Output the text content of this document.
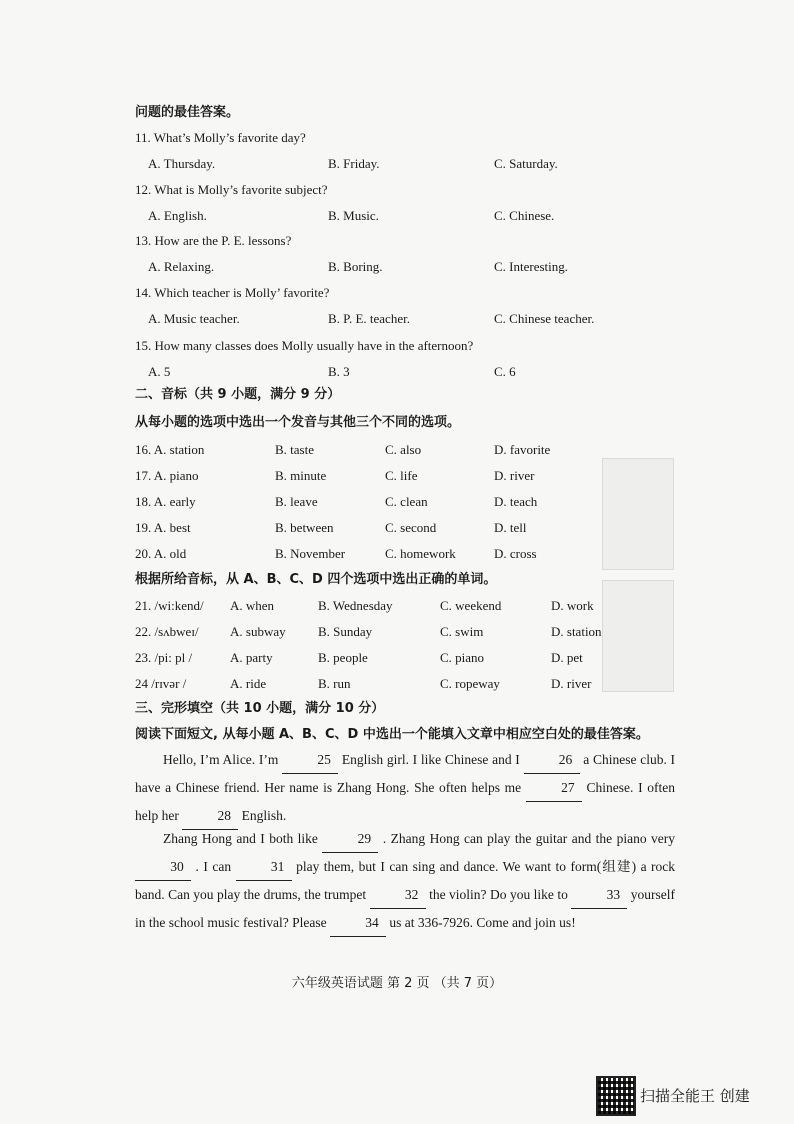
问题的最佳答案。
11. What’s Molly’s favorite day?
A. Thursday.	B. Friday.	C. Saturday.
12. What is Molly’s favorite subject?
A. English.	B. Music.	C. Chinese.
13. How are the P. E. lessons?
A. Relaxing.	B. Boring.	C. Interesting.
14. Which teacher is Molly’ favorite?
A. Music teacher.	B. P. E. teacher.	C. Chinese teacher.
15. How many classes does Molly usually have in the afternoon?
A. 5	B. 3	C. 6
二、音标（共 9 小题，满分 9 分）
从每小题的选项中选出一个发音与其他三个不同的选项。
16. A. station	B. taste	C. also	D. favorite
17. A. piano	B. minute	C. life	D. river
18. A. early	B. leave	C. clean	D. teach
19. A. best	B. between	C. second	D. tell
20. A. old	B. November	C. homework	D. cross
根据所给音标，从 A、B、C、D 四个选项中选出正确的单词。
21. /wi:kend/ A. when	B. Wednesday	C. weekend	D. work
22. /sʌbweɪ/ A. subway B. Sunday	C. swim	D. station
23. /pi: pl /	A. party	B. people	C. piano	D. pet
24 /rɪvər /	A. ride	B. run	C. ropeway	D. river
三、完形填空（共 10 小题，满分 10 分）
阅读下面短文, 从每小题 A、B、C、D 中选出一个能填入文章中相应空白处的最佳答案。

Hello, I’m Alice. I’m	25 English girl. I like Chinese and I	26 a Chinese club. I have a Chinese friend. Her name is Zhang Hong. She often helps me	27 Chinese. I often help her	28 English.

Zhang Hong and I both like	29 . Zhang Hong can play the guitar and the piano very 30 . I can	31 play them, but I can sing and dance. We want to form(组建) a rock band. Can you play the drums, the trumpet	32 the violin? Do you like to	33 yourself in the school music festival? Please	34 us at 336-7926. Come and join us!

六年级英语试题 第 2 页 （共 7 页）
扫描全能王 创建
